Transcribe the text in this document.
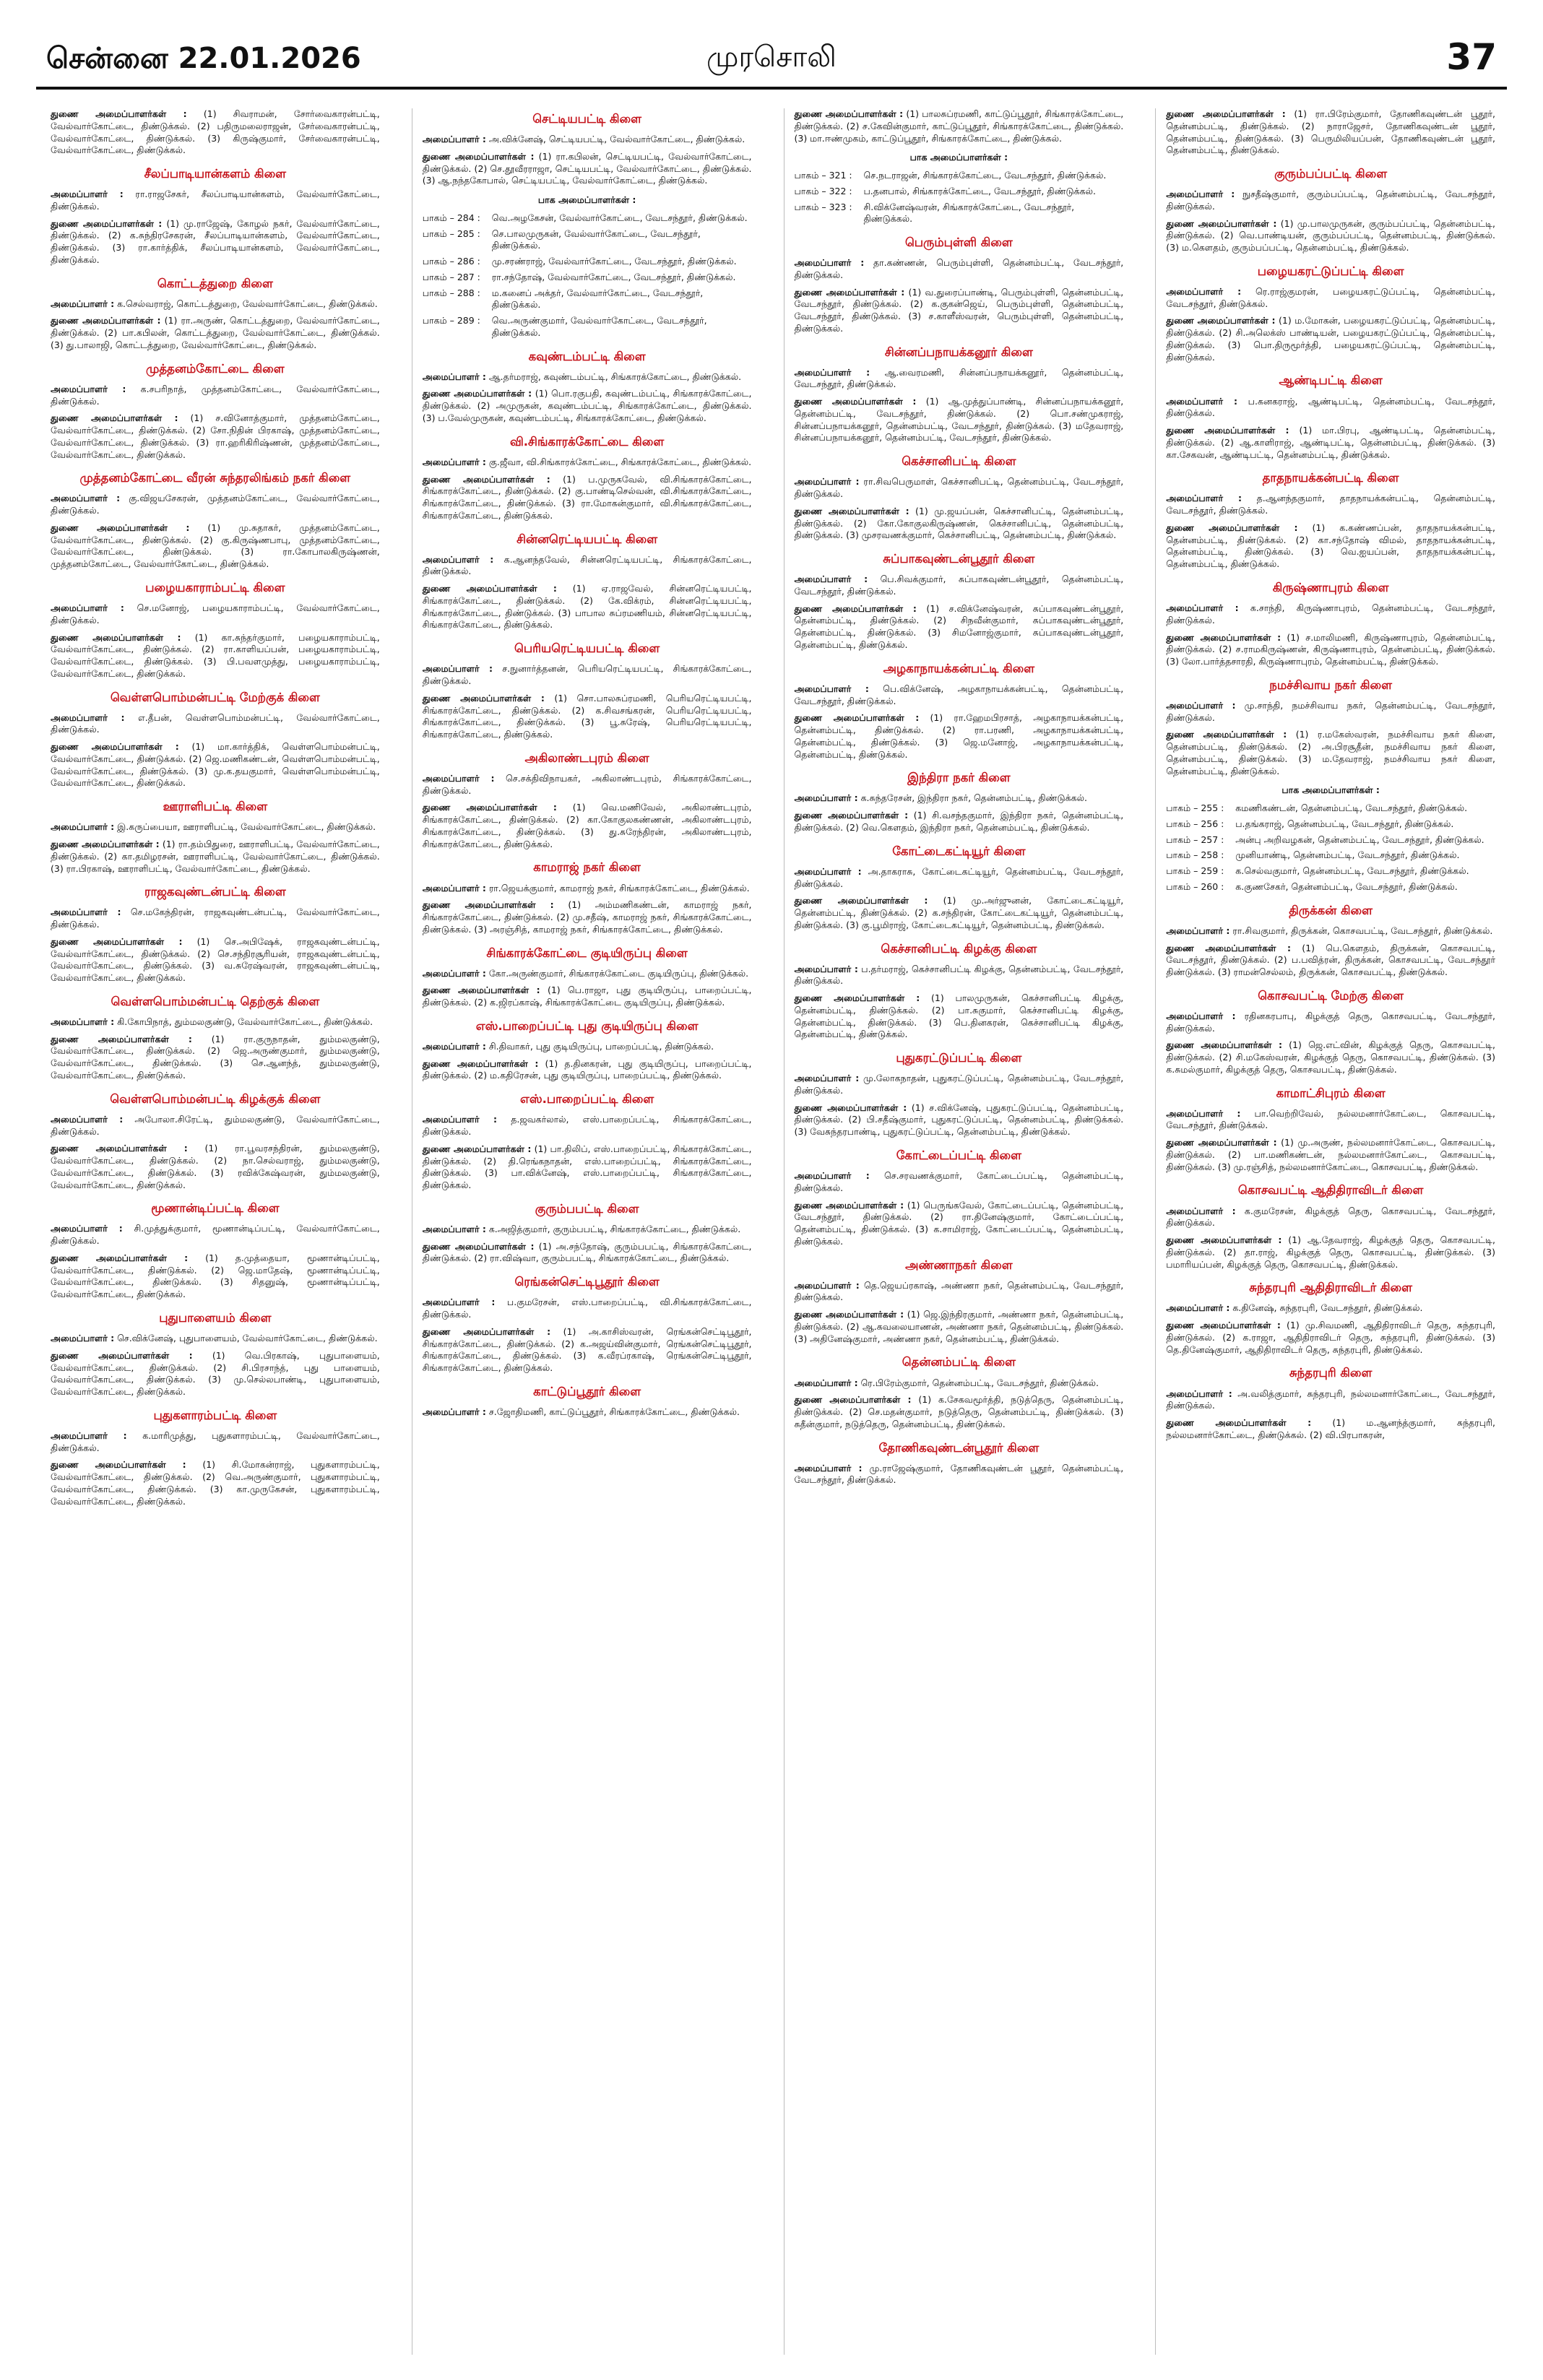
சென்னை 22.01.2026	முரசொலி	37

துணை அமைப்பாளர்கள் : (1) சிவராமன், சோர்வைகாரன்பட்டி, வேல்வார்கோட்டை, திண்டுக்கல். (2) பதிருமலைராஜன், சேர்வைகாரன்பட்டி, வேல்வார்கோட்டை, திண்டுக்கல். (3) கிருஷ்குமார், சேர்வைகாரன்பட்டி, வேல்வார்கோட்டை, திண்டுக்கல்.

சீலப்பாடியான்களம் கிளை

அமைப்பாளர் : ரா.ராஜசேகர், சீலப்பாடியான்களம், வேல்வார்கோட்டை, திண்டுக்கல்.

துணை அமைப்பாளர்கள் : (1) மு.ராஜேஷ், கோழல் நகர், வேல்வார்கோட்டை, திண்டுக்கல். (2) க.சுந்திரசேகரன், சீலப்பாடியான்களம், வேல்வார்கோட்டை, திண்டுக்கல். (3) ரா.கார்த்திக், சீலப்பாடியான்களம், வேல்வார்கோட்டை, திண்டுக்கல்.

கொட்டத்துறை கிளை

அமைப்பாளர் : க.செல்வராஜ், கொட்டத்துறை, வேல்வார்கோட்டை, திண்டுக்கல்.

துணை அமைப்பாளர்கள் : (1) ரா.அருண், கொட்டத்துறை, வேல்வார்கோட்டை, திண்டுக்கல். (2) பா.கபிலன், கொட்டத்துறை, வேல்வார்கோட்டை, திண்டுக்கல். (3) து.பாலாஜி, கொட்டத்துறை, வேல்வார்கோட்டை, திண்டுக்கல்.

முத்தனம்கோட்டை கிளை

அமைப்பாளர் : க.சபரிநாத், முத்தனம்கோட்டை, வேல்வார்கோட்டை, திண்டுக்கல்.

துணை அமைப்பாளர்கள் : (1) ச.வினோத்குமார், முத்தனம்கோட்டை, வேல்வார்கோட்டை, திண்டுக்கல். (2) சோ.நிதின் பிரகாஷ், முத்தனம்கோட்டை, வேல்வார்கோட்டை, திண்டுக்கல். (3) ரா.ஹரிகிரிஷ்ணன், முத்தனம்கோட்டை, வேல்வார்கோட்டை, திண்டுக்கல்.

முத்தனம்கோட்டை வீரன் சுந்தரலிங்கம் நகர் கிளை

அமைப்பாளர் : கு.விஜயசேகரன், முத்தனம்கோட்டை, வேல்வார்கோட்டை, திண்டுக்கல்.

துணை அமைப்பாளர்கள் : (1) மு.சுதாகர், முத்தனம்கோட்டை, வேல்வார்கோட்டை, திண்டுக்கல். (2) கு.கிருஷ்ணபாபு, முத்தனம்கோட்டை, வேல்வார்கோட்டை, திண்டுக்கல். (3) ரா.கோபாலகிருஷ்ணன், முத்தனம்கோட்டை, வேல்வார்கோட்டை, திண்டுக்கல்.

பழையகாராம்பட்டி கிளை

அமைப்பாளர் : செ.மனோஜ், பழையகாராம்பட்டி, வேல்வார்கோட்டை, திண்டுக்கல்.

துணை அமைப்பாளர்கள் : (1) கா.சுந்தர்குமார், பழையகாராம்பட்டி, வேல்வார்கோட்டை, திண்டுக்கல். (2) ரா.காளியப்பன், பழையகாராம்பட்டி, வேல்வார்கோட்டை, திண்டுக்கல். (3) பி.பவளமுத்து, பழையகாராம்பட்டி, வேல்வார்கோட்டை, திண்டுக்கல்.

வெள்ளபொம்மன்பட்டி மேற்குக் கிளை

அமைப்பாளர் : எ.தீபன், வெள்ளபொம்மன்பட்டி, வேல்வார்கோட்டை, திண்டுக்கல்.

துணை அமைப்பாளர்கள் : (1) மா.கார்த்திக், வெள்ளபொம்மன்பட்டி, வேல்வார்கோட்டை, திண்டுக்கல். (2) ஜெ.மணிகண்டன், வெள்ளபொம்மன்பட்டி, வேல்வார்கோட்டை, திண்டுக்கல். (3) மு.க.தயகுமார், வெள்ளபொம்மன்பட்டி, வேல்வார்கோட்டை, திண்டுக்கல்.

ஊராளிபட்டி கிளை

அமைப்பாளர் : இ.கருப்பையா, ஊராளிபட்டி, வேல்வார்கோட்டை, திண்டுக்கல்.

துணை அமைப்பாளர்கள் : (1) ரா.தம்பிதுரை, ஊராளிபட்டி, வேல்வார்கோட்டை, திண்டுக்கல். (2) கா.தமிழரசன், ஊராளிபட்டி, வேல்வார்கோட்டை, திண்டுக்கல். (3) ரா.பிரகாஷ், ஊராளிபட்டி, வேல்வார்கோட்டை, திண்டுக்கல்.

ராஜகவுண்டன்பட்டி கிளை

அமைப்பாளர் : செ.மகேந்திரன், ராஜகவுண்டன்பட்டி, வேல்வார்கோட்டை, திண்டுக்கல்.

துணை அமைப்பாளர்கள் : (1) செ.அபிஷேக், ராஜகவுண்டன்பட்டி, வேல்வார்கோட்டை, திண்டுக்கல். (2) செ.சந்திரசூரியன், ராஜகவுண்டன்பட்டி, வேல்வார்கோட்டை, திண்டுக்கல். (3) வ.சுரேஷ்வரன், ராஜகவுண்டன்பட்டி, வேல்வார்கோட்டை, திண்டுக்கல்.

வெள்ளபொம்மன்பட்டி தெற்குக் கிளை

அமைப்பாளர் : கி.கோபிநாத், தும்மலகுண்டு, வேல்வார்கோட்டை, திண்டுக்கல்.

துணை அமைப்பாளர்கள் : (1) ரா.குருநாதன், தும்மலகுண்டு, வேல்வார்கோட்டை, திண்டுக்கல். (2) ஜெ.அருண்குமார், தும்மலகுண்டு, வேல்வார்கோட்டை, திண்டுக்கல். (3) செ.ஆனந்த், தும்மலகுண்டு, வேல்வார்கோட்டை, திண்டுக்கல்.

வெள்ளபொம்மன்பட்டி கிழக்குக் கிளை

அமைப்பாளர் : அபோலா.சிரேட்டி, தும்மலகுண்டு, வேல்வார்கோட்டை, திண்டுக்கல்.

துணை அமைப்பாளர்கள் : (1) ரா.பூவரசந்திரன், தும்மலகுண்டு, வேல்வார்கோட்டை, திண்டுக்கல். (2) நா.செல்வராஜ், தும்மலகுண்டு, வேல்வார்கோட்டை, திண்டுக்கல். (3) ரவிக்கேஷ்வரன், தும்மலகுண்டு, வேல்வார்கோட்டை, திண்டுக்கல்.

மூணான்டிப்பட்டி கிளை

அமைப்பாளர் : சி.முத்துக்குமார், மூணான்டிப்பட்டி, வேல்வார்கோட்டை, திண்டுக்கல்.

துணை அமைப்பாளர்கள் : (1) த.முத்தையா, மூணான்டிப்பட்டி, வேல்வார்கோட்டை, திண்டுக்கல். (2) ஜெ.மாதேஷ், மூணான்டிப்பட்டி, வேல்வார்கோட்டை, திண்டுக்கல். (3) சிதனுஷ், மூணான்டிப்பட்டி, வேல்வார்கோட்டை, திண்டுக்கல்.

புதுபாளையம் கிளை

அமைப்பாளர் : செ.விக்னேஷ், புதுபாளையம், வேல்வார்கோட்டை, திண்டுக்கல்.

துணை அமைப்பாளர்கள் : (1) வெ.பிரகாஷ், புதுபாளையம், வேல்வார்கோட்டை, திண்டுக்கல். (2) சி.பிரசாந்த், புது பாளையம், வேல்வார்கோட்டை, திண்டுக்கல். (3) மு.செல்லபாண்டி, புதுபாளையம், வேல்வார்கோட்டை, திண்டுக்கல்.

புதுகளாரம்பட்டி கிளை

அமைப்பாளர் : க.மாரிமுத்து, புதுகளாரம்பட்டி, வேல்வார்கோட்டை, திண்டுக்கல்.

துணை அமைப்பாளர்கள் : (1) சி.மோகன்ராஜ், புதுகளாரம்பட்டி, வேல்வார்கோட்டை, திண்டுக்கல். (2) வெ.அருண்குமார், புதுகளாரம்பட்டி, வேல்வார்கோட்டை, திண்டுக்கல். (3) கா.முருகேசன், புதுகளாரம்பட்டி, வேல்வார்கோட்டை, திண்டுக்கல்.

செட்டியபட்டி கிளை

அமைப்பாளர் : அ.விக்னேஷ், செட்டியபட்டி, வேல்வார்கோட்டை, திண்டுக்கல்.

துணை அமைப்பாளர்கள் : (1) ரா.கபிலன், செட்டியபட்டி, வேல்வார்கோட்டை, திண்டுக்கல். (2) செ.தூவீரராஜா, செட்டியபட்டி, வேல்வார்கோட்டை, திண்டுக்கல். (3) ஆ.நந்தகோபால், செட்டியபட்டி, வேல்வார்கோட்டை, திண்டுக்கல்.

பாக அமைப்பாளர்கள் :
பாகம் – 284 :	வெ.அழகேசன், வேல்வார்கோட்டை, வேடசந்தூர், திண்டுக்கல்.
பாகம் – 285 :	செ.பாலமுருகன், வேல்வார்கோட்டை, வேடசந்தூர், திண்டுக்கல்.
பாகம் – 286 :	மு.சரண்ராஜ், வேல்வார்கோட்டை, வேடசந்தூர், திண்டுக்கல்.
பாகம் – 287 :	ரா.சந்தோஷ், வேல்வார்கோட்டை, வேடசந்தூர், திண்டுக்கல்.
பாகம் – 288 :	ம.கனைப் அக்தர், வேல்வார்கோட்டை, வேடசந்தூர், திண்டுக்கல்.
பாகம் – 289 :	வெ.அருண்குமார், வேல்வார்கோட்டை, வேடசந்தூர், திண்டுக்கல்.
கவுண்டம்பட்டி கிளை

அமைப்பாளர் : ஆ.தர்மராஜ், கவுண்டம்பட்டி, சிங்காரக்கோட்டை, திண்டுக்கல்.

துணை அமைப்பாளர்கள் : (1) பொ.ரகுபதி, கவுண்டம்பட்டி, சிங்காரக்கோட்டை, திண்டுக்கல். (2) அமுருகன், கவுண்டம்பட்டி, சிங்காரக்கோட்டை, திண்டுக்கல். (3) ப.வேல்முருகன், கவுண்டம்பட்டி, சிங்காரக்கோட்டை, திண்டுக்கல்.

வி.சிங்காரக்கோட்டை கிளை

அமைப்பாளர் : கு.ஜீவா, வி.சிங்காரக்கோட்டை, சிங்காரக்கோட்டை, திண்டுக்கல்.

துணை அமைப்பாளர்கள் : (1) ப.முருகவேல், வி.சிங்காரக்கோட்டை, சிங்காரக்கோட்டை, திண்டுக்கல். (2) கு.பாண்டிசெல்வன், வி.சிங்காரக்கோட்டை, சிங்காரக்கோட்டை, திண்டுக்கல். (3) ரா.மோகன்குமார், வி.சிங்காரக்கோட்டை, சிங்காரக்கோட்டை, திண்டுக்கல்.

சின்னரெட்டியபட்டி கிளை

அமைப்பாளர் : க.ஆனந்தவேல், சின்னரெட்டியபட்டி, சிங்காரக்கோட்டை, திண்டுக்கல்.

துணை அமைப்பாளர்கள் : (1) ஏ.ராஜவேல், சின்னரெட்டியபட்டி, சிங்காரக்கோட்டை, திண்டுக்கல். (2) கே.விக்ரம், சின்னரெட்டியபட்டி, சிங்காரக்கோட்டை, திண்டுக்கல். (3) பாபால சுப்ரமணியம், சின்னரெட்டியபட்டி, சிங்காரக்கோட்டை, திண்டுக்கல்.

பெரியரெட்டியபட்டி கிளை

அமைப்பாளர் : ச.நுனார்த்தனன், பெரியரெட்டியபட்டி, சிங்காரக்கோட்டை, திண்டுக்கல்.

துணை அமைப்பாளர்கள் : (1) சொ.பாலசுப்ரமணி, பெரியரெட்டியபட்டி, சிங்காரக்கோட்டை, திண்டுக்கல். (2) க.சிவசங்கரன், பெரியரெட்டியபட்டி, சிங்காரக்கோட்டை, திண்டுக்கல். (3) பூ.சுரேஷ், பெரியரெட்டியபட்டி, சிங்காரக்கோட்டை, திண்டுக்கல்.

அகிலாண்டபுரம் கிளை

அமைப்பாளர் : செ.சக்திவிநாயகர், அகிலாண்டபுரம், சிங்காரக்கோட்டை, திண்டுக்கல்.

துணை அமைப்பாளர்கள் : (1) வெ.மணிவேல், அகிலாண்டபுரம், சிங்காரக்கோட்டை, திண்டுக்கல். (2) கா.கோகுலகண்ணன், அகிலாண்டபுரம், சிங்காரக்கோட்டை, திண்டுக்கல். (3) து.சுரேந்திரன், அகிலாண்டபுரம், சிங்காரக்கோட்டை, திண்டுக்கல்.

காமராஜ் நகர் கிளை

அமைப்பாளர் : ரா.ஜெயக்குமார், காமராஜ் நகர், சிங்காரக்கோட்டை, திண்டுக்கல்.

துணை அமைப்பாளர்கள் : (1) அம்மணிகண்டன், காமராஜ் நகர், சிங்காரக்கோட்டை, திண்டுக்கல். (2) மு.சதீஷ், காமராஜ் நகர், சிங்காரக்கோட்டை, திண்டுக்கல். (3) அரஞ்சித், காமராஜ் நகர், சிங்காரக்கோட்டை, திண்டுக்கல்.

சிங்காரக்கோட்டை குடியிருப்பு கிளை

அமைப்பாளர் : கோ.அருண்குமார், சிங்காரக்கோட்டை குடியிருப்பு, திண்டுக்கல்.

துணை அமைப்பாளர்கள் : (1) பெ.ராஜா, புது குடியிருப்பு, பாறைப்பட்டி, திண்டுக்கல். (2) க.ஜிரப்காஷ், சிங்காரக்கோட்டை குடியிருப்பு, திண்டுக்கல்.

எஸ்.பாறைப்பட்டி புது குடியிருப்பு கிளை

அமைப்பாளர் : சி.திவாகர், புது குடியிருப்பு, பாறைப்பட்டி, திண்டுக்கல்.

துணை அமைப்பாளர்கள் : (1) த.தினகரன், புது குடியிருப்பு, பாறைப்பட்டி, திண்டுக்கல். (2) ம.கதிரேசன், புது குடியிருப்பு, பாறைப்பட்டி, திண்டுக்கல்.

எஸ்.பாறைப்பட்டி கிளை

அமைப்பாளர் : த.ஜவகர்லால், எஸ்.பாறைப்பட்டி, சிங்காரக்கோட்டை, திண்டுக்கல்.

துணை அமைப்பாளர்கள் : (1) பா.திலிப், எஸ்.பாறைப்பட்டி, சிங்காரக்கோட்டை, திண்டுக்கல். (2) தி.ரெங்கநாதன், எஸ்.பாறைப்பட்டி, சிங்காரக்கோட்டை, திண்டுக்கல். (3) பா.விக்னேஷ், எஸ்.பாறைப்பட்டி, சிங்காரக்கோட்டை, திண்டுக்கல்.

குரும்பபட்டி கிளை

அமைப்பாளர் : க.அஜித்குமார், குரும்பபட்டி, சிங்காரக்கோட்டை, திண்டுக்கல்.

துணை அமைப்பாளர்கள் : (1) அ.சந்தோஷ், குரும்பபட்டி, சிங்காரக்கோட்டை, திண்டுக்கல். (2) ரா.விஷ்வா, குரும்பபட்டி, சிங்காரக்கோட்டை, திண்டுக்கல்.

ரெங்கன்செட்டிபூதூர் கிளை

அமைப்பாளர் : ப.குமரேசன், எஸ்.பாறைப்பட்டி, வி.சிங்காரக்கோட்டை, திண்டுக்கல்.

துணை அமைப்பாளர்கள் : (1) அ.காசிஸ்வரன், ரெங்கன்செட்டிபூதூர், சிங்காரக்கோட்டை, திண்டுக்கல். (2) க.அஜய்வின்குமார், ரெங்கன்செட்டிபூதூர், சிங்காரக்கோட்டை, திண்டுக்கல். (3) க.வீரப்ரகாஷ், ரெங்கன்செட்டிபூதூர், சிங்காரக்கோட்டை, திண்டுக்கல்.

காட்டுப்பூதூர் கிளை

அமைப்பாளர் : ச.ஜோதிமணி, காட்டுப்பூதூர், சிங்காரக்கோட்டை, திண்டுக்கல்.

துணை அமைப்பாளர்கள் : (1) பாலசுப்ரமணி, காட்டுப்பூதூர், சிங்காரக்கோட்டை, திண்டுக்கல். (2) ச.கேவின்குமார், காட்டுப்பூதூர், சிங்காரக்கோட்டை, திண்டுக்கல். (3) மா.ஈண்முகம், காட்டுப்பூதூர், சிங்காரக்கோட்டை, திண்டுக்கல்.

பாக அமைப்பாளர்கள் :
பாகம் – 321 :	செ.நடராஜன், சிங்காரக்கோட்டை, வேடசந்தூர், திண்டுக்கல்.
பாகம் – 322 :	ப.தனபால், சிங்காரக்கோட்டை, வேடசந்தூர், திண்டுக்கல்.
பாகம் – 323 :	சி.விக்னேஷ்வரன், சிங்காரக்கோட்டை, வேடசந்தூர், திண்டுக்கல்.
பெரும்புள்ளி கிளை

அமைப்பாளர் : தா.கண்ணன், பெரும்புள்ளி, தென்னம்பட்டி, வேடசந்தூர், திண்டுக்கல்.

துணை அமைப்பாளர்கள் : (1) வ.துரைப்பாண்டி, பெரும்புள்ளி, தென்னம்பட்டி, வேடசந்தூர், திண்டுக்கல். (2) க.குகன்ஜெய், பெரும்புள்ளி, தென்னம்பட்டி, வேடசந்தூர், திண்டுக்கல். (3) ச.காளீஸ்வரன், பெரும்புள்ளி, தென்னம்பட்டி, திண்டுக்கல்.

சின்னப்பநாயக்கனூர் கிளை

அமைப்பாளர் : ஆ.வைரமணி, சின்னப்பநாயக்கனூர், தென்னம்பட்டி, வேடசந்தூர், திண்டுக்கல்.

துணை அமைப்பாளர்கள் : (1) ஆ.முத்துப்பாண்டி, சின்னப்பநாயக்கனூர், தென்னம்பட்டி, வேடசந்தூர், திண்டுக்கல். (2) பொ.சண்முகராஜ், சின்னப்பநாயக்கனூர், தென்னம்பட்டி, வேடசந்தூர், திண்டுக்கல். (3) மதேவராஜ், சின்னப்பநாயக்கனூர், தென்னம்பட்டி, வேடசந்தூர், திண்டுக்கல்.

கெச்சானிபட்டி கிளை

அமைப்பாளர் : ரா.சிவபெருமாள், கெச்சானிபட்டி, தென்னம்பட்டி, வேடசந்தூர், திண்டுக்கல்.

துணை அமைப்பாளர்கள் : (1) மு.ஜயப்பன், கெச்சானிபட்டி, தென்னம்பட்டி, திண்டுக்கல். (2) கோ.கோகுலகிருஷ்ணன், கெச்சானிபட்டி, தென்னம்பட்டி, திண்டுக்கல். (3) முசரவணக்குமார், கெச்சானிபட்டி, தென்னம்பட்டி, திண்டுக்கல்.

சுப்பாகவுண்டன்பூதூர் கிளை

அமைப்பாளர் : பெ.சிவக்குமார், சுப்பாகவுண்டன்பூதூர், தென்னம்பட்டி, வேடசந்தூர், திண்டுக்கல்.

துணை அமைப்பாளர்கள் : (1) ச.விக்னேஷ்வரன், சுப்பாகவுண்டன்பூதூர், தென்னம்பட்டி, திண்டுக்கல். (2) சிநவீன்குமார், சுப்பாகவுண்டன்பூதூர், தென்னம்பட்டி, திண்டுக்கல். (3) சிமனோஜ்குமார், சுப்பாகவுண்டன்பூதூர், தென்னம்பட்டி, திண்டுக்கல்.

அழகாநாயக்கன்பட்டி கிளை

அமைப்பாளர் : பெ.விக்னேஷ், அழகாநாயக்கன்பட்டி, தென்னம்பட்டி, வேடசந்தூர், திண்டுக்கல்.

துணை அமைப்பாளர்கள் : (1) ரா.ஹேமபிரசாத், அழகாநாயக்கன்பட்டி, தென்னம்பட்டி, திண்டுக்கல். (2) ரா.பரணி, அழகாநாயக்கன்பட்டி, தென்னம்பட்டி, திண்டுக்கல். (3) ஜெ.மனோஜ், அழகாநாயக்கன்பட்டி, தென்னம்பட்டி, திண்டுக்கல்.

இந்திரா நகர் கிளை

அமைப்பாளர் : க.சுந்தரேசன், இந்திரா நகர், தென்னம்பட்டி, திண்டுக்கல்.

துணை அமைப்பாளர்கள் : (1) சி.வசந்தகுமார், இந்திரா நகர், தென்னம்பட்டி, திண்டுக்கல். (2) வெ.கௌதம், இந்திரா நகர், தென்னம்பட்டி, திண்டுக்கல்.

கோட்டைகட்டியூர் கிளை

அமைப்பாளர் : அ.தாகராசு, கோட்டைகட்டியூர், தென்னம்பட்டி, வேடசந்தூர், திண்டுக்கல்.

துணை அமைப்பாளர்கள் : (1) மு.அர்ஜுனன், கோட்டைகட்டியூர், தென்னம்பட்டி, திண்டுக்கல். (2) க.சந்திரன், கோட்டைகட்டியூர், தென்னம்பட்டி, திண்டுக்கல். (3) கு.பூமிராஜ், கோட்டைகட்டியூர், தென்னம்பட்டி, திண்டுக்கல்.

கெச்சானிபட்டி கிழக்கு கிளை

அமைப்பாளர் : ப.தர்மராஜ், கெச்சானிபட்டி கிழக்கு, தென்னம்பட்டி, வேடசந்தூர், திண்டுக்கல்.

துணை அமைப்பாளர்கள் : (1) பாலமுருகன், கெச்சானிபட்டி கிழக்கு, தென்னம்பட்டி, திண்டுக்கல். (2) பா.சுகுமார், கெச்சானிபட்டி கிழக்கு, தென்னம்பட்டி, திண்டுக்கல். (3) பெ.தினகரன், கெச்சானிபட்டி கிழக்கு, தென்னம்பட்டி, திண்டுக்கல்.

புதுகரட்டுப்பட்டி கிளை

அமைப்பாளர் : மு.லோகநாதன், புதுகரட்டுப்பட்டி, தென்னம்பட்டி, வேடசந்தூர், திண்டுக்கல்.

துணை அமைப்பாளர்கள் : (1) ச.விக்னேஷ், புதுகரட்டுப்பட்டி, தென்னம்பட்டி, திண்டுக்கல். (2) பி.சதீஷ்குமார், புதுகரட்டுப்பட்டி, தென்னம்பட்டி, திண்டுக்கல். (3) வேசுந்தரபாண்டி, புதுகரட்டுப்பட்டி, தென்னம்பட்டி, திண்டுக்கல்.

கோட்டைப்பட்டி கிளை

அமைப்பாளர் : செ.சரவணக்குமார், கோட்டைப்பட்டி, தென்னம்பட்டி, திண்டுக்கல்.

துணை அமைப்பாளர்கள் : (1) பெருங்கவேல், கோட்டைப்பட்டி, தென்னம்பட்டி, வேடசந்தூர், திண்டுக்கல். (2) ரா.தினேஷ்குமார், கோட்டைப்பட்டி, தென்னம்பட்டி, திண்டுக்கல். (3) க.சாமிராஜ், கோட்டைப்பட்டி, தென்னம்பட்டி, திண்டுக்கல்.

அண்ணாநகர் கிளை

அமைப்பாளர் : தெ.ஜெயப்ரகாஷ், அண்ணா நகர், தென்னம்பட்டி, வேடசந்தூர், திண்டுக்கல்.

துணை அமைப்பாளர்கள் : (1) ஜெ.இந்திரகுமார், அண்ணா நகர், தென்னம்பட்டி, திண்டுக்கல். (2) ஆ.கவலையாணன், அண்ணா நகர், தென்னம்பட்டி, திண்டுக்கல். (3) அதினேஷ்குமார், அண்ணா நகர், தென்னம்பட்டி, திண்டுக்கல்.

தென்னம்பட்டி கிளை

அமைப்பாளர் : ரெ.பிரேம்குமார், தென்னம்பட்டி, வேடசந்தூர், திண்டுக்கல்.

துணை அமைப்பாளர்கள் : (1) க.சேகவமூர்த்தி, நடுத்தெரு, தென்னம்பட்டி, திண்டுக்கல். (2) செ.மதன்குமார், நடுத்தெரு, தென்னம்பட்டி, திண்டுக்கல். (3) சுதீன்குமார், நடுத்தெரு, தென்னம்பட்டி, திண்டுக்கல்.

தோணிகவுண்டன்பூதூர் கிளை

அமைப்பாளர் : மு.ராஜேஷ்குமார், தோணிகவுண்டன் பூதூர், தென்னம்பட்டி, வேடசந்தூர், திண்டுக்கல்.

துணை அமைப்பாளர்கள் : (1) ரா.பிரேம்குமார், தோணிகவுண்டன் பூதூர், தென்னம்பட்டி, திண்டுக்கல். (2) நாராஜேசர், தோணிகவுண்டன் பூதூர், தென்னம்பட்டி, திண்டுக்கல். (3) பெருமிலியப்பன், தோணிகவுண்டன் பூதூர், தென்னம்பட்டி, திண்டுக்கல்.

குரும்பப்பட்டி கிளை

அமைப்பாளர் : நுசதீஷ்குமார், குரும்பப்பட்டி, தென்னம்பட்டி, வேடசந்தூர், திண்டுக்கல்.

துணை அமைப்பாளர்கள் : (1) மு.பாலமுருகன், குரும்பப்பட்டி, தென்னம்பட்டி, திண்டுக்கல். (2) வெ.பாண்டியன், குரும்பப்பட்டி, தென்னம்பட்டி, திண்டுக்கல். (3) ம.கௌதம், குரும்பப்பட்டி, தென்னம்பட்டி, திண்டுக்கல்.

பழையகரட்டுப்பட்டி கிளை

அமைப்பாளர் : ரெ.ராஜ்குமரன், பழையகரட்டுப்பட்டி, தென்னம்பட்டி, வேடசந்தூர், திண்டுக்கல்.

துணை அமைப்பாளர்கள் : (1) ம.மோகன், பழையகரட்டுப்பட்டி, தென்னம்பட்டி, திண்டுக்கல். (2) சி.அலெக்ஸ் பாண்டியன், பழையகரட்டுப்பட்டி, தென்னம்பட்டி, திண்டுக்கல். (3) பொ.திருமூர்த்தி, பழையகரட்டுப்பட்டி, தென்னம்பட்டி, திண்டுக்கல்.

ஆண்டிபட்டி கிளை

அமைப்பாளர் : ப.கனகராஜ், ஆண்டிபட்டி, தென்னம்பட்டி, வேடசந்தூர், திண்டுக்கல்.

துணை அமைப்பாளர்கள் : (1) மா.பிரபு, ஆண்டிபட்டி, தென்னம்பட்டி, திண்டுக்கல். (2) ஆ.காளிராஜ், ஆண்டிபட்டி, தென்னம்பட்டி, திண்டுக்கல். (3) கா.சேகவன், ஆண்டிபட்டி, தென்னம்பட்டி, திண்டுக்கல்.

தாதநாயக்கன்பட்டி கிளை

அமைப்பாளர் : த.ஆனந்தகுமார், தாதநாயக்கன்பட்டி, தென்னம்பட்டி, வேடசந்தூர், திண்டுக்கல்.

துணை அமைப்பாளர்கள் : (1) க.கண்ணப்பன், தாதநாயக்கன்பட்டி, தென்னம்பட்டி, திண்டுக்கல். (2) கா.சந்தோஷ் விமல், தாதநாயக்கன்பட்டி, தென்னம்பட்டி, திண்டுக்கல். (3) வெ.ஐயப்பன், தாதநாயக்கன்பட்டி, தென்னம்பட்டி, திண்டுக்கல்.

கிருஷ்ணாபுரம் கிளை

அமைப்பாளர் : க.சாந்தி, கிருஷ்ணாபுரம், தென்னம்பட்டி, வேடசந்தூர், திண்டுக்கல்.

துணை அமைப்பாளர்கள் : (1) ச.மாலிமணி, கிருஷ்ணாபுரம், தென்னம்பட்டி, திண்டுக்கல். (2) ச.ராமகிருஷ்ணன், கிருஷ்ணாபுரம், தென்னம்பட்டி, திண்டுக்கல். (3) லோ.பார்த்தசாரதி, கிருஷ்ணாபுரம், தென்னம்பட்டி, திண்டுக்கல்.

நமச்சிவாய நகர் கிளை

அமைப்பாளர் : மு.சாந்தி, நமச்சிவாய நகர், தென்னம்பட்டி, வேடசந்தூர், திண்டுக்கல்.

துணை அமைப்பாளர்கள் : (1) ர.மகேஸ்வரன், நமச்சிவாய நகர் கிளை, தென்னம்பட்டி, திண்டுக்கல். (2) அ.பிரசூதீன், நமச்சிவாய நகர் கிளை, தென்னம்பட்டி, திண்டுக்கல். (3) ம.தேவராஜ், நமச்சிவாய நகர் கிளை, தென்னம்பட்டி, திண்டுக்கல்.

பாக அமைப்பாளர்கள் :
பாகம் – 255 :	கமணிகண்டன், தென்னம்பட்டி, வேடசந்தூர், திண்டுக்கல்.
பாகம் – 256 :	ப.தங்கராஜ், தென்னம்பட்டி, வேடசந்தூர், திண்டுக்கல்.
பாகம் – 257 :	அன்பு அறிவழகன், தென்னம்பட்டி, வேடசந்தூர், திண்டுக்கல்.
பாகம் – 258 :	முனியாண்டி, தென்னம்பட்டி, வேடசந்தூர், திண்டுக்கல்.
பாகம் – 259 :	க.செல்வகுமார், தென்னம்பட்டி, வேடசந்தூர், திண்டுக்கல்.
பாகம் – 260 :	க.குணசேகர், தென்னம்பட்டி, வேடசந்தூர், திண்டுக்கல்.
திருக்கன் கிளை

அமைப்பாளர் : ரா.சிவகுமார், திருக்கன், கொசவபட்டி, வேடசந்தூர், திண்டுக்கல்.

துணை அமைப்பாளர்கள் : (1) பெ.கௌதம், திருக்கன், கொசவபட்டி, வேடசந்தூர், திண்டுக்கல். (2) ப.பவித்ரன், திருக்கன், கொசவபட்டி, வேடசந்தூர் திண்டுக்கல். (3) ராமன்செல்லம், திருக்கன், கொசவபட்டி, திண்டுக்கல்.

கொசவபட்டி மேற்கு கிளை

அமைப்பாளர் : ரதினகரபாபு, கிழக்குத் தெரு, கொசவபட்டி, வேடசந்தூர், திண்டுக்கல்.

துணை அமைப்பாளர்கள் : (1) ஜெ.எட்வின், கிழக்குத் தெரு, கொசவபட்டி, திண்டுக்கல். (2) சி.மகேஸ்வரன், கிழக்குத் தெரு, கொசவபட்டி, திண்டுக்கல். (3) க.சுமல்குமார், கிழக்குத் தெரு, கொசவபட்டி, திண்டுக்கல்.

காமாட்சிபுரம் கிளை

அமைப்பாளர் : பா.வெற்றிவேல், நல்லமனார்கோட்டை, கொசவபட்டி, வேடசந்தூர், திண்டுக்கல்.

துணை அமைப்பாளர்கள் : (1) மு.அருண், நல்லமனார்கோட்டை, கொசவபட்டி, திண்டுக்கல். (2) பா.மணிகண்டன், நல்லமனார்கோட்டை, கொசவபட்டி, திண்டுக்கல். (3) மு.ரஞ்சித், நல்லமனார்கோட்டை, கொசவபட்டி, திண்டுக்கல்.

கொசவபட்டி ஆதிதிராவிடர் கிளை

அமைப்பாளர் : க.குமரேசன், கிழக்குத் தெரு, கொசவபட்டி, வேடசந்தூர், திண்டுக்கல்.

துணை அமைப்பாளர்கள் : (1) ஆ.தேவராஜ், கிழக்குத் தெரு, கொசவபட்டி, திண்டுக்கல். (2) தா.ராஜ், கிழக்குத் தெரு, கொசவபட்டி, திண்டுக்கல். (3) பமாரியப்பன், கிழக்குத் தெரு, கொசவபட்டி, திண்டுக்கல்.

சுந்தரபுரி ஆதிதிராவிடர் கிளை

அமைப்பாளர் : க.தினேஷ், சுந்தரபுரி, வேடசந்தூர், திண்டுக்கல்.

துணை அமைப்பாளர்கள் : (1) மு.சிவமணி, ஆதிதிராவிடர் தெரு, சுந்தரபுரி, திண்டுக்கல். (2) க.ராஜா, ஆதிதிராவிடர் தெரு, சுந்தரபுரி, திண்டுக்கல். (3) தெ.தினேஷ்குமார், ஆதிதிராவிடர் தெரு, சுந்தரபுரி, திண்டுக்கல்.

சுந்தரபுரி கிளை

அமைப்பாளர் : அ.வலித்குமார், சுந்தரபுரி, நல்லமனார்கோட்டை, வேடசந்தூர், திண்டுக்கல்.

துணை அமைப்பாளர்கள் : (1) ம.ஆனந்த்குமார், சுந்தரபுரி, நல்லமனார்கோட்டை, திண்டுக்கல். (2) வி.பிரபாகரன்,
